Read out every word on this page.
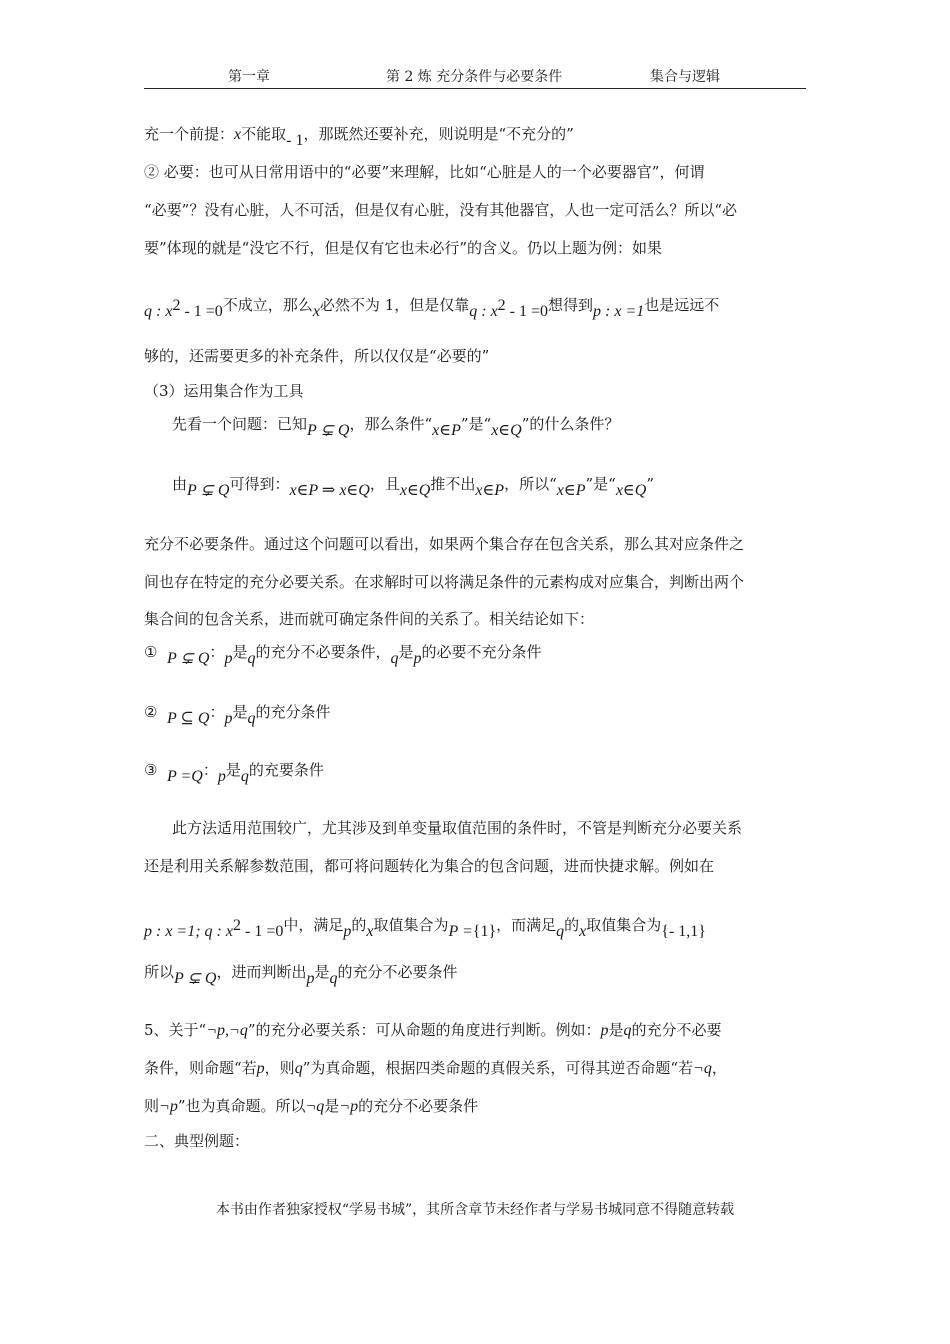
第一章	第 2 炼 充分条件与必要条件	集合与逻辑
充一个前提：x不能取- 1，那既然还要补充，则说明是“不充分的”
② 必要：也可从日常用语中的“必要”来理解，比如“心脏是人的一个必要器官”，何谓
“必要”？没有心脏，人不可活，但是仅有心脏，没有其他器官，人也一定可活么？所以“必
要”体现的就是“没它不行，但是仅有它也未必行”的含义。仍以上题为例：如果
q : $x^2 - 1 =0$不成立，那么x必然不为 1，但是仅靠q : $x^2 - 1 =0$想得到p : x =1也是远远不
够的，还需要更多的补充条件，所以仅仅是“必要的”
（3）运用集合作为工具
先看一个问题：已知P ⊊ Q，那么条件“x∈P”是“x∈Q”的什么条件？
由P ⊊ Q可得到：x∈P ⇒ x∈Q，且x∈Q推不出x∈P，所以“x∈P”是“x∈Q”
充分不必要条件。通过这个问题可以看出，如果两个集合存在包含关系，那么其对应条件之
间也存在特定的充分必要关系。在求解时可以将满足条件的元素构成对应集合，判断出两个
集合间的包含关系，进而就可确定条件间的关系了。相关结论如下：
① P ⊊ Q：p是q的充分不必要条件，q是p的必要不充分条件
② P ⊆ Q：p是q的充分条件
③ P =Q：p是q的充要条件
此方法适用范围较广，尤其涉及到单变量取值范围的条件时，不管是判断充分必要关系
还是利用关系解参数范围，都可将问题转化为集合的包含问题，进而快捷求解。例如在
p : x =1; q : $x^2 - 1 =0$中，满足p的x取值集合为P ={1}，而满足q的x取值集合为{- 1,1}
所以P ⊊ Q，进而判断出p是q的充分不必要条件
5、关于“¬p,¬q”的充分必要关系：可从命题的角度进行判断。例如：p是q的充分不必要
条件，则命题“若p，则q”为真命题，根据四类命题的真假关系，可得其逆否命题“若¬q，
则¬p”也为真命题。所以¬q是¬p的充分不必要条件
二、典型例题：
本书由作者独家授权“学易书城”，其所含章节未经作者与学易书城同意不得随意转载
